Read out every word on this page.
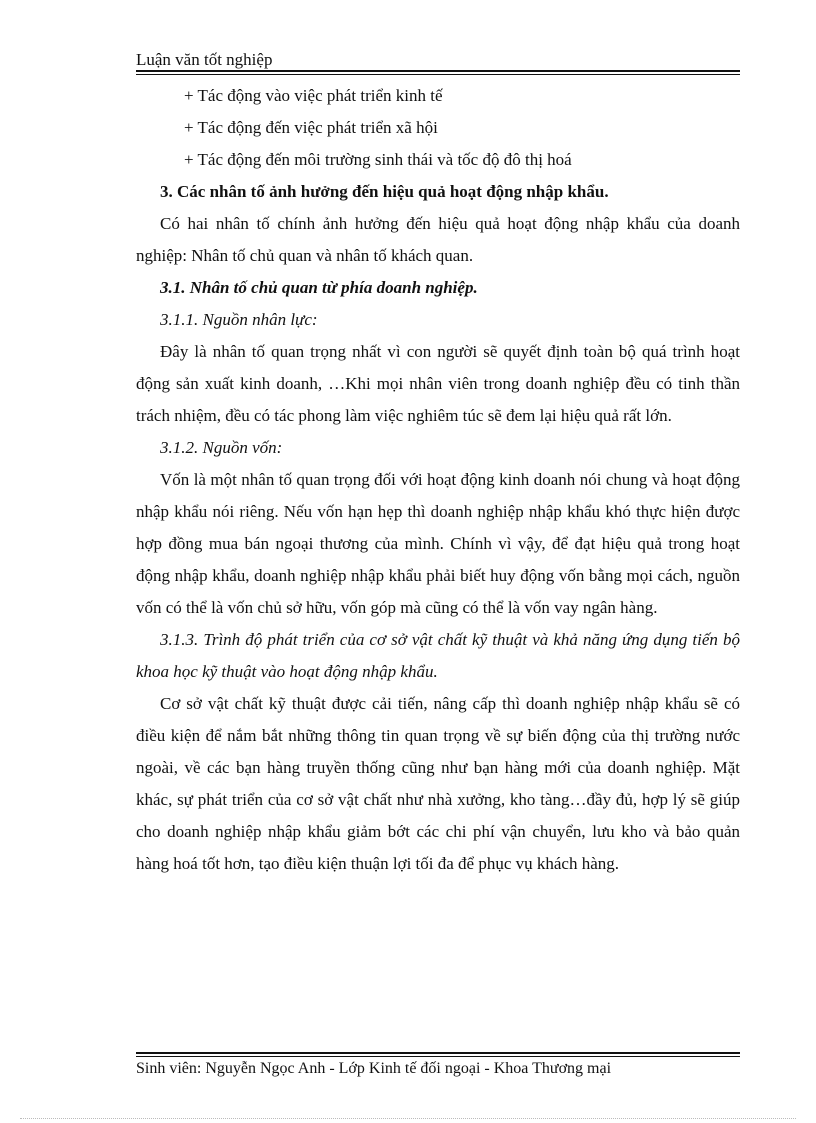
Luận văn tốt nghiệp

+ Tác động vào việc phát triển kinh tế

+ Tác động đến việc phát triển xã hội

+ Tác động đến môi trường sinh thái và tốc độ đô thị hoá

3. Các nhân tố ảnh hưởng đến hiệu quả hoạt động nhập khẩu.

Có hai nhân tố chính ảnh hưởng đến hiệu quả hoạt động nhập khẩu của doanh nghiệp: Nhân tố chủ quan và nhân tố khách quan.

3.1. Nhân tố chủ quan từ phía doanh nghiệp.

3.1.1. Nguồn nhân lực:

Đây là nhân tố quan trọng nhất vì con người sẽ quyết định toàn bộ quá trình hoạt động sản xuất kinh doanh, …Khi mọi nhân viên trong doanh nghiệp đều có tinh thần trách nhiệm, đều có tác phong làm việc nghiêm túc sẽ đem lại hiệu quả rất lớn.

3.1.2. Nguồn vốn:

Vốn là một nhân tố quan trọng đối với hoạt động kinh doanh nói chung và hoạt động nhập khẩu nói riêng. Nếu vốn hạn hẹp thì doanh nghiệp nhập khẩu khó thực hiện được hợp đồng mua bán ngoại thương của mình. Chính vì vậy, để đạt hiệu quả trong hoạt động nhập khẩu, doanh nghiệp nhập khẩu phải biết huy động vốn bằng mọi cách, nguồn vốn có thể là vốn chủ sở hữu, vốn góp mà cũng có thể là vốn vay ngân hàng.

3.1.3. Trình độ phát triển của cơ sở vật chất kỹ thuật và khả năng ứng dụng tiến bộ khoa học kỹ thuật vào hoạt động nhập khẩu.

Cơ sở vật chất kỹ thuật được cải tiến, nâng cấp thì doanh nghiệp nhập khẩu sẽ có điều kiện để nắm bắt những thông tin quan trọng về sự biến động của thị trường nước ngoài, về các bạn hàng truyền thống cũng như bạn hàng mới của doanh nghiệp. Mặt khác, sự phát triển của cơ sở vật chất như nhà xưởng, kho tàng…đầy đủ, hợp lý sẽ giúp cho doanh nghiệp nhập khẩu giảm bớt các chi phí vận chuyển, lưu kho và bảo quản hàng hoá tốt hơn, tạo điều kiện thuận lợi tối đa để phục vụ khách hàng.

Sinh viên: Nguyễn Ngọc Anh - Lớp Kinh tế đối ngoại - Khoa Thương mại
